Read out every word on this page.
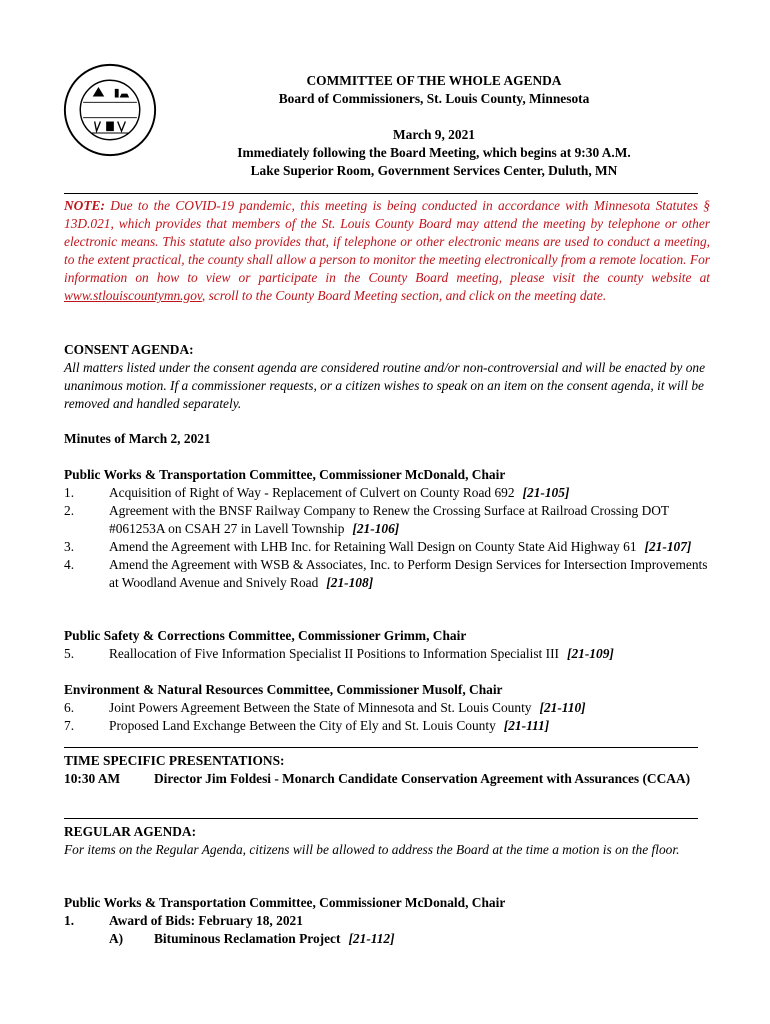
COMMITTEE OF THE WHOLE AGENDA
Board of Commissioners, St. Louis County, Minnesota
March 9, 2021
Immediately following the Board Meeting, which begins at 9:30 A.M.
Lake Superior Room, Government Services Center, Duluth, MN
NOTE: Due to the COVID-19 pandemic, this meeting is being conducted in accordance with Minnesota Statutes § 13D.021, which provides that members of the St. Louis County Board may attend the meeting by telephone or other electronic means. This statute also provides that, if telephone or other electronic means are used to conduct a meeting, to the extent practical, the county shall allow a person to monitor the meeting electronically from a remote location. For information on how to view or participate in the County Board meeting, please visit the county website at www.stlouiscountymn.gov, scroll to the County Board Meeting section, and click on the meeting date.
CONSENT AGENDA:
All matters listed under the consent agenda are considered routine and/or non-controversial and will be enacted by one unanimous motion. If a commissioner requests, or a citizen wishes to speak on an item on the consent agenda, it will be removed and handled separately.
Minutes of March 2, 2021
Public Works & Transportation Committee, Commissioner McDonald, Chair
1.	Acquisition of Right of Way - Replacement of Culvert on County Road 692 [21-105]
2.	Agreement with the BNSF Railway Company to Renew the Crossing Surface at Railroad Crossing DOT #061253A on CSAH 27 in Lavell Township [21-106]
3.	Amend the Agreement with LHB Inc. for Retaining Wall Design on County State Aid Highway 61 [21-107]
4.	Amend the Agreement with WSB & Associates, Inc. to Perform Design Services for Intersection Improvements at Woodland Avenue and Snively Road [21-108]
Public Safety & Corrections Committee, Commissioner Grimm, Chair
5.	Reallocation of Five Information Specialist II Positions to Information Specialist III [21-109]
Environment & Natural Resources Committee, Commissioner Musolf, Chair
6.	Joint Powers Agreement Between the State of Minnesota and St. Louis County [21-110]
7.	Proposed Land Exchange Between the City of Ely and St. Louis County [21-111]
TIME SPECIFIC PRESENTATIONS:
10:30 AM	Director Jim Foldesi - Monarch Candidate Conservation Agreement with Assurances (CCAA)
REGULAR AGENDA:
For items on the Regular Agenda, citizens will be allowed to address the Board at the time a motion is on the floor.
Public Works & Transportation Committee, Commissioner McDonald, Chair
1.	Award of Bids: February 18, 2021
A) Bituminous Reclamation Project [21-112]
